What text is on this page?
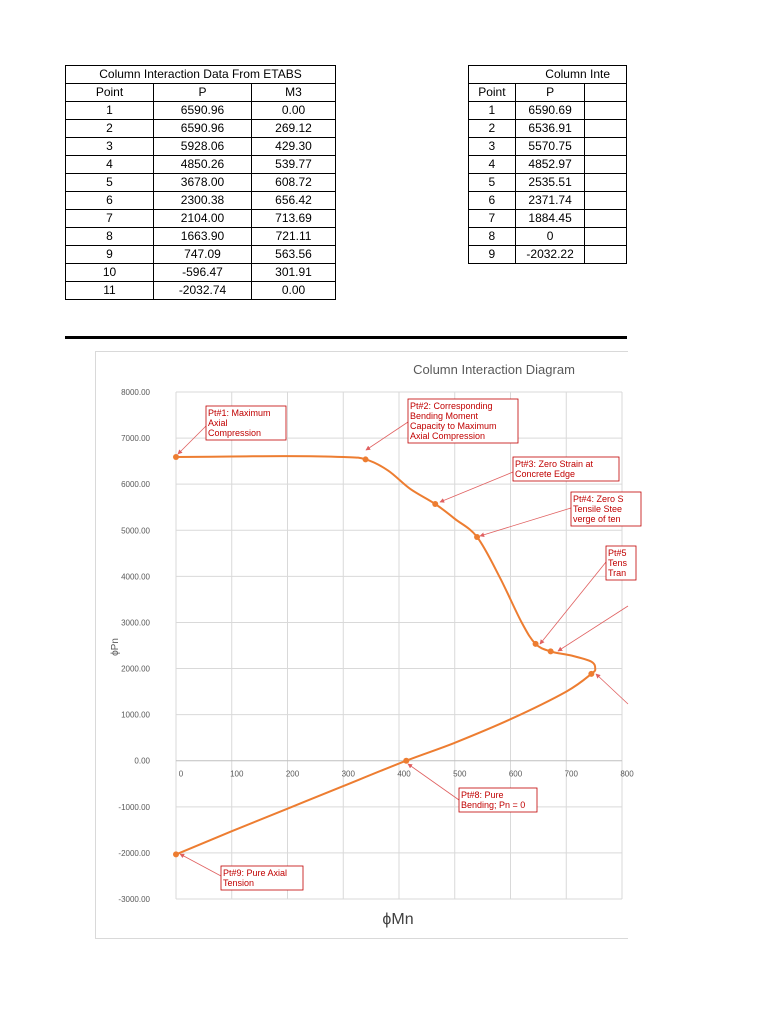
Column Interaction Data From ETABS		
Point	P	M3
1	6590.96	0.00
2	6590.96	269.12
3	5928.06	429.30
4	4850.26	539.77
5	3678.00	608.72
6	2300.38	656.42
7	2104.00	713.69
8	1663.90	721.11
9	747.09	563.56
10	-596.47	301.91
11	-2032.74	0.00
Column Inte		
Point	P	
1	6590.69	
2	6536.91	
3	5570.75	
4	4852.97	
5	2535.51	
6	2371.74	
7	1884.45	
8	0	
9	-2032.22	
Column Interaction Diagram
0	100	200	300	400	500	600	700	800
8000.00
7000.00
6000.00
5000.00
4000.00
3000.00
2000.00
1000.00
0.00
-1000.00
-2000.00
-3000.00
Pt#1: Maximum
Axial
Compression
Pt#2: Corresponding
Bending Moment
Capacity to Maximum
Axial Compression
Pt#3: Zero Strain at
Concrete Edge
Pt#4: Zero S
Tensile Stee
verge of ten
Pt#5
Tens
Tran
Pt#8: Pure
Bending; Pn = 0
Pt#9: Pure Axial
Tension
ϕPn
ϕMn
